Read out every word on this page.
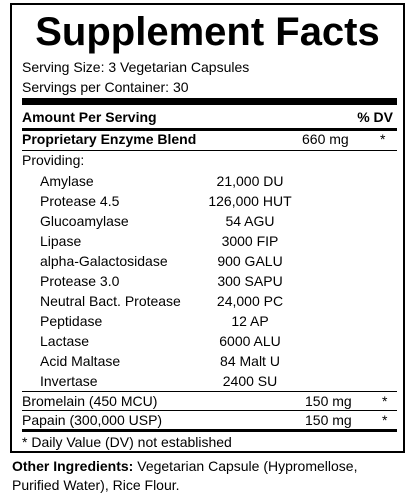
Supplement Facts
Serving Size: 3 Vegetarian Capsules
Servings per Container: 30
Amount Per Serving	% DV
Proprietary Enzyme Blend	660 mg *
Providing:
Amylase	21,000 DU
Protease 4.5	126,000 HUT
Glucoamylase	54 AGU
Lipase	3000 FIP
alpha-Galactosidase	900 GALU
Protease 3.0	300 SAPU
Neutral Bact. Protease	24,000 PC
Peptidase	12 AP
Lactase	6000 ALU
Acid Maltase	84 Malt U
Invertase	2400 SU
Bromelain (450 MCU)	150 mg *
Papain (300,000 USP)	150 mg *
* Daily Value (DV) not established
Other Ingredients: Vegetarian Capsule (Hypromellose, Purified Water), Rice Flour.
